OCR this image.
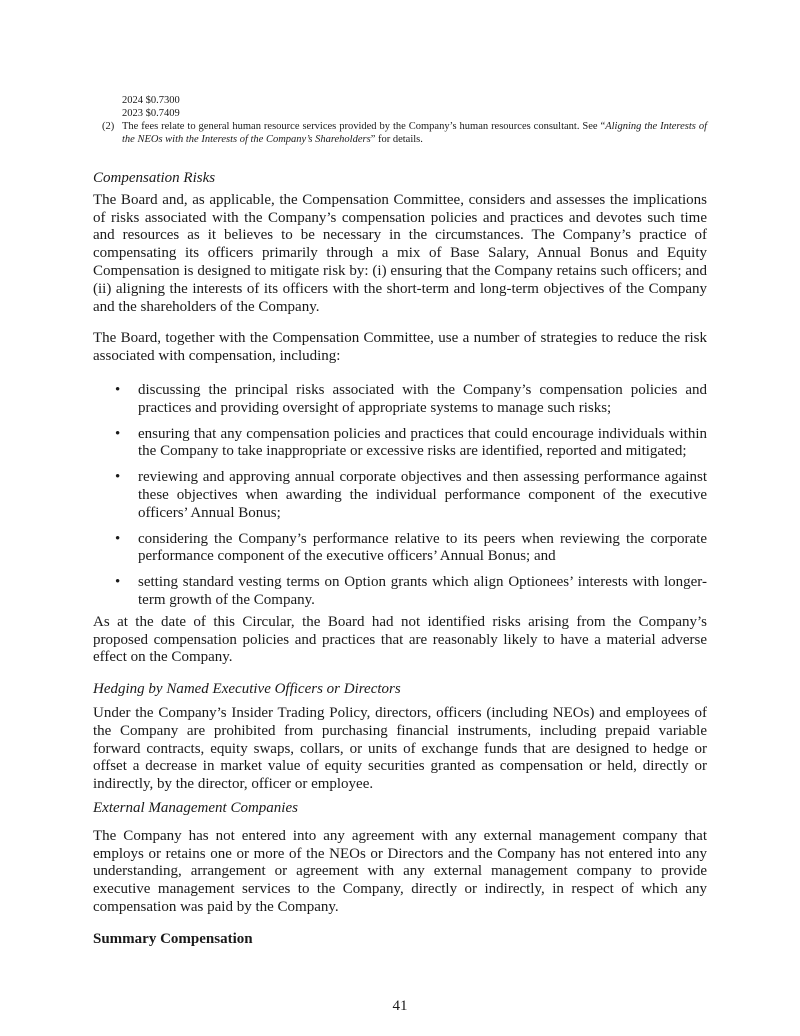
2024 $0.7300
2023 $0.7409
(2) The fees relate to general human resource services provided by the Company’s human resources consultant. See “Aligning the Interests of the NEOs with the Interests of the Company’s Shareholders” for details.
Compensation Risks

The Board and, as applicable, the Compensation Committee, considers and assesses the implications of risks associated with the Company’s compensation policies and practices and devotes such time and resources as it believes to be necessary in the circumstances. The Company’s practice of compensating its officers primarily through a mix of Base Salary, Annual Bonus and Equity Compensation is designed to mitigate risk by: (i) ensuring that the Company retains such officers; and (ii) aligning the interests of its officers with the short-term and long-term objectives of the Company and the shareholders of the Company.

The Board, together with the Compensation Committee, use a number of strategies to reduce the risk associated with compensation, including:

• discussing the principal risks associated with the Company’s compensation policies and practices and providing oversight of appropriate systems to manage such risks;
• ensuring that any compensation policies and practices that could encourage individuals within the Company to take inappropriate or excessive risks are identified, reported and mitigated;
• reviewing and approving annual corporate objectives and then assessing performance against these objectives when awarding the individual performance component of the executive officers’ Annual Bonus;
• considering the Company’s performance relative to its peers when reviewing the corporate performance component of the executive officers’ Annual Bonus; and
• setting standard vesting terms on Option grants which align Optionees’ interests with longer-term growth of the Company.

As at the date of this Circular, the Board had not identified risks arising from the Company’s proposed compensation policies and practices that are reasonably likely to have a material adverse effect on the Company.

Hedging by Named Executive Officers or Directors

Under the Company’s Insider Trading Policy, directors, officers (including NEOs) and employees of the Company are prohibited from purchasing financial instruments, including prepaid variable forward contracts, equity swaps, collars, or units of exchange funds that are designed to hedge or offset a decrease in market value of equity securities granted as compensation or held, directly or indirectly, by the director, officer or employee.

External Management Companies

The Company has not entered into any agreement with any external management company that employs or retains one or more of the NEOs or Directors and the Company has not entered into any understanding, arrangement or agreement with any external management company to provide executive management services to the Company, directly or indirectly, in respect of which any compensation was paid by the Company.

Summary Compensation
41
